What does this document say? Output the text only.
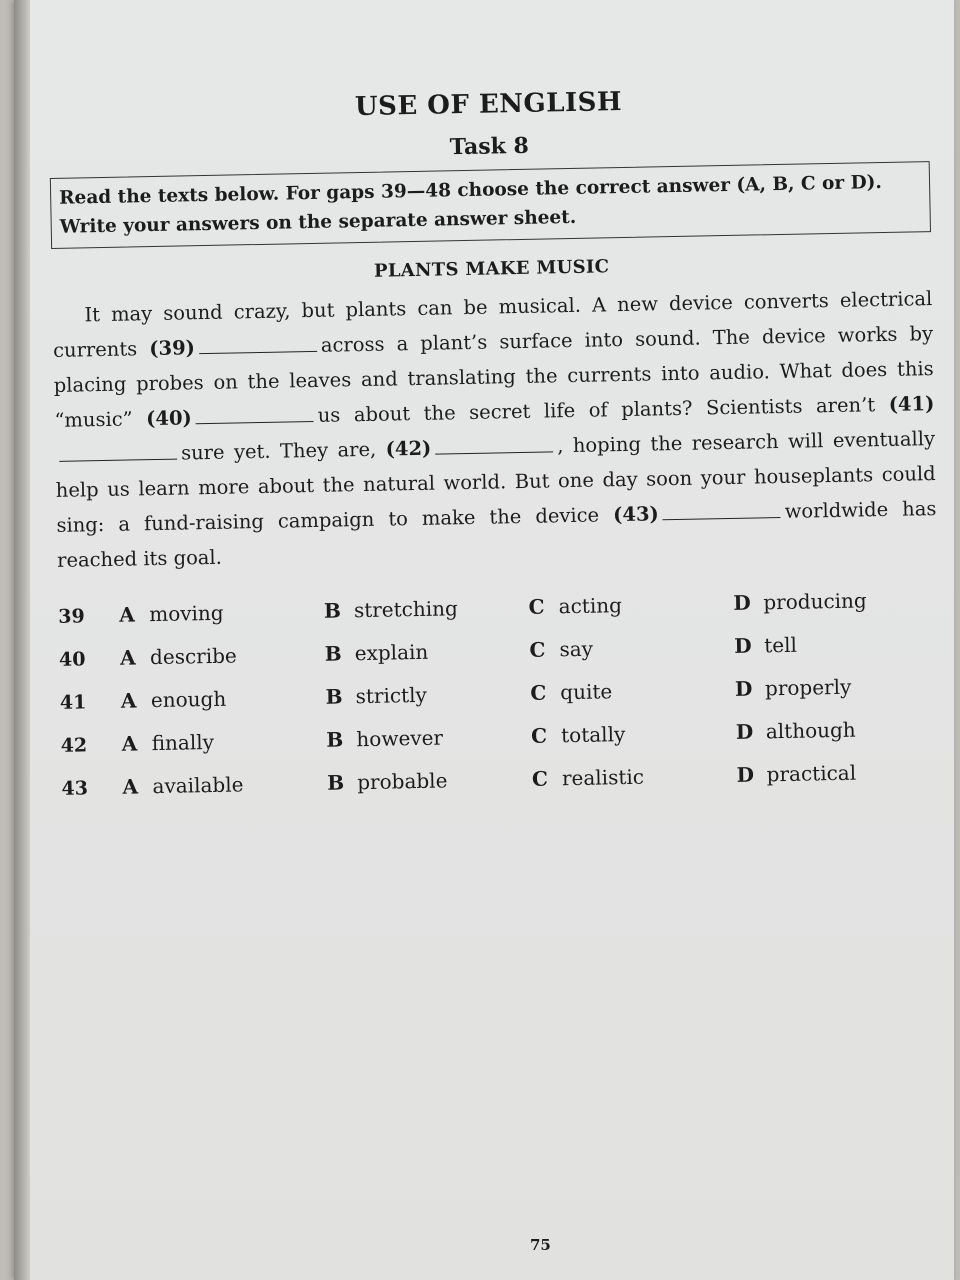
USE OF ENGLISH
Task 8
Read the texts below. For gaps 39—48 choose the correct answer (A, B, C or D). Write your answers on the separate answer sheet.
PLANTS MAKE MUSIC

It may sound crazy, but plants can be musical. A new device converts electrical currents (39)	across a plant’s surface into sound. The device works by placing probes on the leaves and translating the currents into audio. What does this “music” (40)	us about the secret life of plants? Scientists aren’t (41)sure yet. They are, (42)	, hoping the research will eventually help us learn more about the natural world. But one day soon your houseplants could sing: a fund-raising campaign to make the device (43)	worldwide has reached its goal.

39	A moving	B stretching	C acting	D producing
40	A describe	B explain	C say	D tell
41	A enough	B strictly	C quite	D properly
42	A finally	B however	C totally	D although
43	A available	B probable	C realistic	D practical
75
